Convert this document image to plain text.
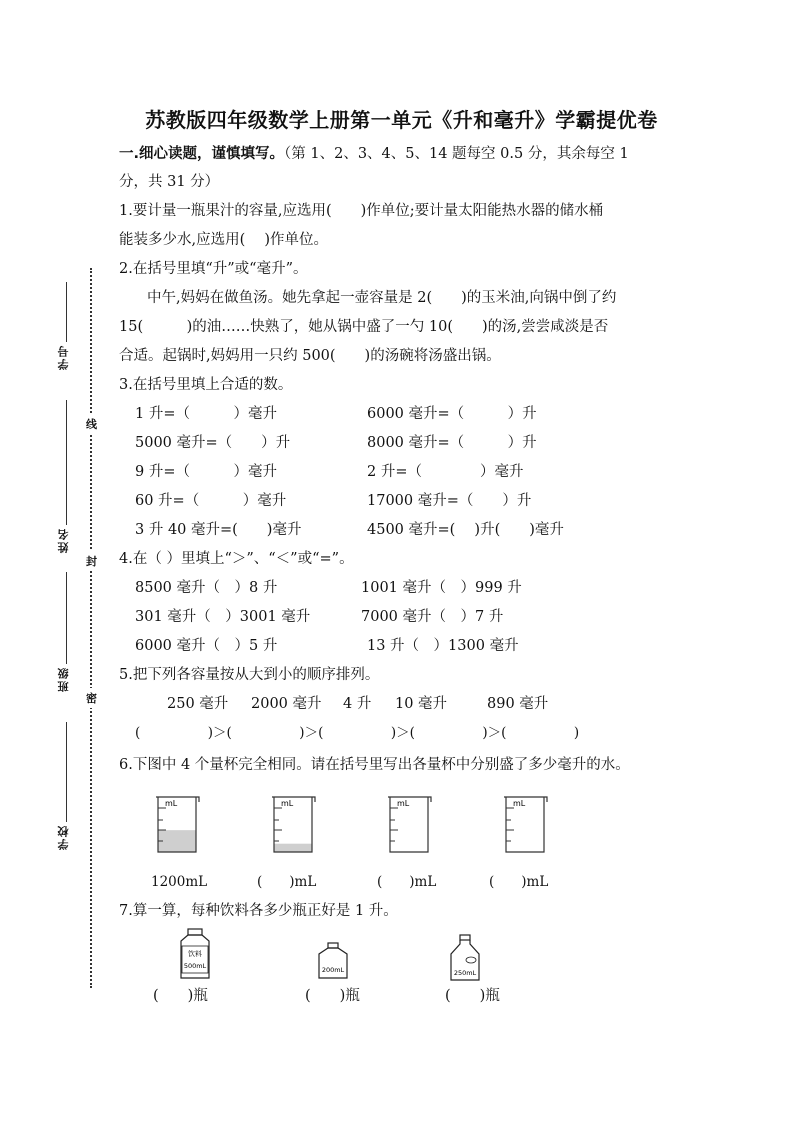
学号
姓名
班级
学校
线
封
密
苏教版四年级数学上册第一单元《升和毫升》学霸提优卷
一.细心读题，谨慎填写。（第 1、2、3、4、5、14 题每空 0.5 分，其余每空 1
分，共 31 分）
1.要计量一瓶果汁的容量,应选用(　　)作单位;要计量太阳能热水器的储水桶
能装多少水,应选用(　 )作单位。
2.在括号里填“升”或“毫升”。
中午,妈妈在做鱼汤。她先拿起一壶容量是 2(　　)的玉米油,向锅中倒了约
15(　　　)的油……快熟了，她从锅中盛了一勺 10(　　)的汤,尝尝咸淡是否
合适。起锅时,妈妈用一只约 500(　　)的汤碗将汤盛出锅。
3.在括号里填上合适的数。
1 升=（　　　）毫升	6000 毫升=（　　　）升
5000 毫升=（　　）升	8000 毫升=（　　　）升
9 升=（　　　）毫升	2 升=（　　　　）毫升
60 升=（　　　）毫升	17000 毫升=（　　）升
3 升 40 毫升=(　　)毫升	4500 毫升=(　 )升(　　)毫升
4.在（ ）里填上“＞”、“＜”或“=”。
8500 毫升（　）8 升	1001 毫升（　）999 升
301 毫升（　）3001 毫升	7000 毫升（　）7 升
6000 毫升（　）5 升	13 升（　）1300 毫升
5.把下列各容量按从大到小的顺序排列。
250 毫升 2000 毫升 4 升 10 毫升	890 毫升
(　　　　　)＞(　　　　　)＞(　　　　　)＞(　　　　　)＞(　　　　　)
6.下图中 4 个量杯完全相同。请在括号里写出各量杯中分别盛了多少毫升的水。
mL	mL	mL	mL
1200mL	(　　)mL	(　　)mL	(　　)mL
7.算一算，每种饮料各多少瓶正好是 1 升。
饮料
500mL	200mL	250mL
(　　)瓶	(　　)瓶	(　　)瓶
